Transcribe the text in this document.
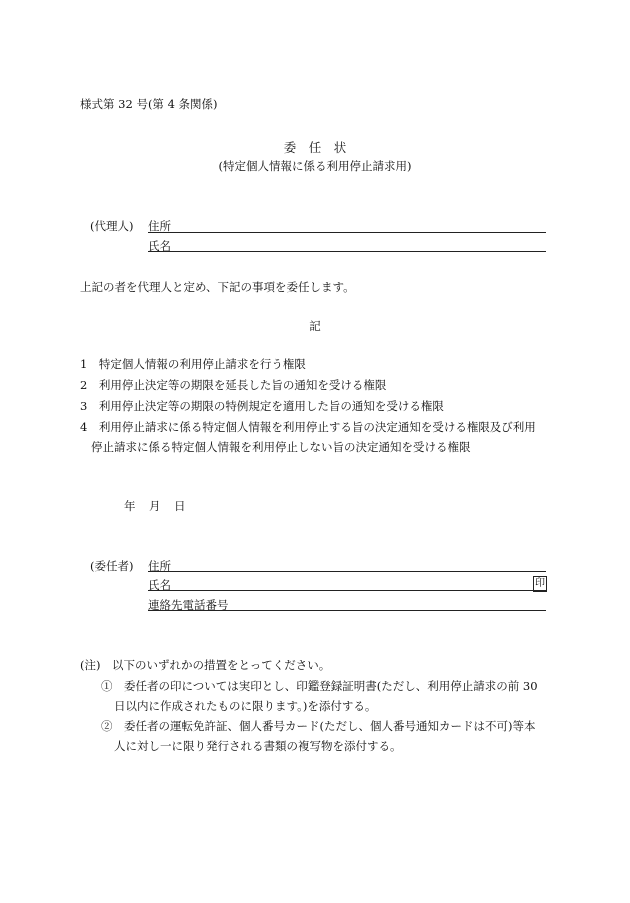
様式第 32 号(第 4 条関係)
委　任　状
(特定個人情報に係る利用停止請求用)
(代理人) 住所
氏名
上記の者を代理人と定め、下記の事項を委任します。
記
1　特定個人情報の利用停止請求を行う権限
2　利用停止決定等の期限を延長した旨の通知を受ける権限
3　利用停止決定等の期限の特例規定を適用した旨の通知を受ける権限
4　利用停止請求に係る特定個人情報を利用停止する旨の決定通知を受ける権限及び利用
停止請求に係る特定個人情報を利用停止しない旨の決定通知を受ける権限
年 月 日
(委任者) 住所
氏名	印
連絡先電話番号
(注)　以下のいずれかの措置をとってください。
①　委任者の印については実印とし、印鑑登録証明書(ただし、利用停止請求の前 30
日以内に作成されたものに限ります。)を添付する。
②　委任者の運転免許証、個人番号カード(ただし、個人番号通知カードは不可)等本
人に対し一に限り発行される書類の複写物を添付する。
